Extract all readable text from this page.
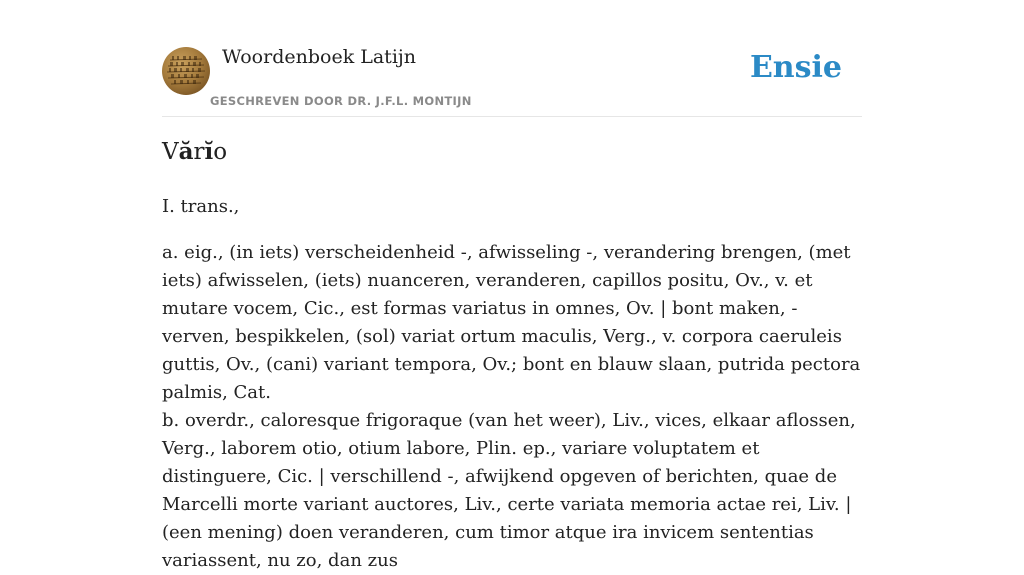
Woordenboek Latijn
GESCHREVEN DOOR DR. J.F.L. MONTIJN
Ensie
Vărĭo
I. trans.,

a. eig., (in iets) verscheidenheid -, afwisseling -, verandering brengen, (met iets) afwisselen, (iets) nuanceren, veranderen, capillos positu, Ov., v. et mutare vocem, Cic., est formas variatus in omnes, Ov. | bont maken, - verven, bespikkelen, (sol) variat ortum maculis, Verg., v. corpora caeruleis guttis, Ov., (cani) variant tempora, Ov.; bont en blauw slaan, putrida pectora palmis, Cat.

b. overdr., caloresque frigoraque (van het weer), Liv., vices, elkaar aflossen, Verg., laborem otio, otium labore, Plin. ep., variare voluptatem et distinguere, Cic. | verschillend -, afwijkend opgeven of berichten, quae de Marcelli morte variant auctores, Liv., certe variata memoria actae rei, Liv. | (een mening) doen veranderen, cum timor atque ira invicem sententias variassent, nu zo, dan zus
